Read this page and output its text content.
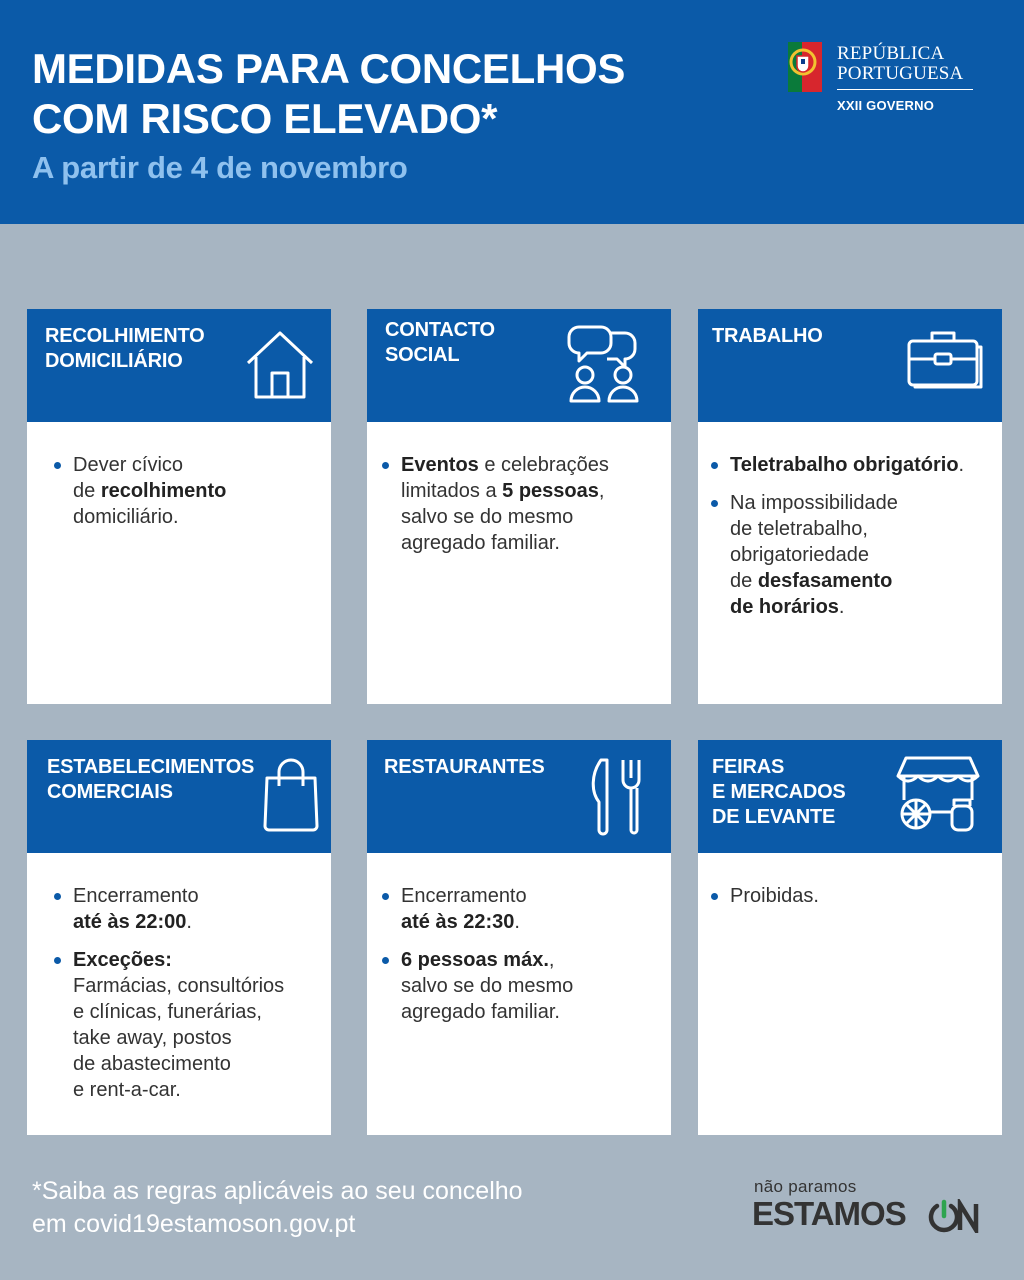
MEDIDAS PARA CONCELHOS
COM RISCO ELEVADO*
A partir de 4 de novembro
REPÚBLICA
PORTUGUESA
XXII GOVERNO
RECOLHIMENTO
DOMICILIÁRIO
Dever cívico
de recolhimento
domiciliário.
CONTACTO
SOCIAL
Eventos e celebrações
limitados a 5 pessoas,
salvo se do mesmo
agregado familiar.
TRABALHO
Teletrabalho obrigatório.
Na impossibilidade
de teletrabalho,
obrigatoriedade
de desfasamento
de horários.
ESTABELECIMENTOS
COMERCIAIS
Encerramento
até às 22:00.
Exceções:
Farmácias, consultórios
e clínicas, funerárias,
take away, postos
de abastecimento
e rent-a-car.
RESTAURANTES
Encerramento
até às 22:30.
6 pessoas máx.,
salvo se do mesmo
agregado familiar.
FEIRAS
E MERCADOS
DE LEVANTE
Proibidas.
*Saiba as regras aplicáveis ao seu concelho
em covid19estamoson.gov.pt
não paramos
ESTAMOS
